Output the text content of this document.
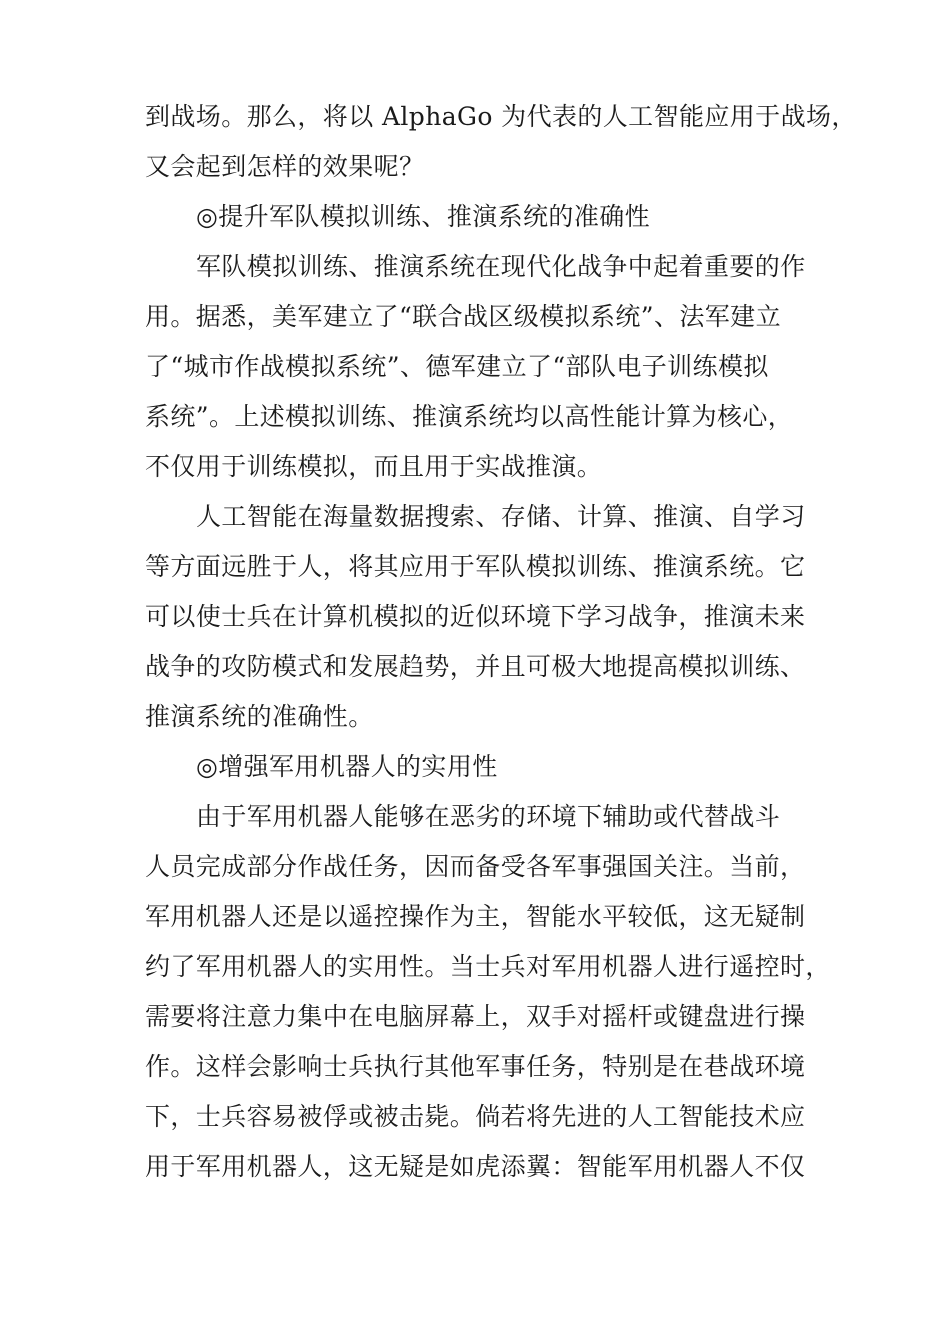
到战场。那么，将以 AlphaGo 为代表的人工智能应用于战场，
又会起到怎样的效果呢？
◎提升军队模拟训练、推演系统的准确性
军队模拟训练、推演系统在现代化战争中起着重要的作
用。据悉，美军建立了“联合战区级模拟系统”、法军建立
了“城市作战模拟系统”、德军建立了“部队电子训练模拟
系统”。上述模拟训练、推演系统均以高性能计算为核心，
不仅用于训练模拟，而且用于实战推演。
人工智能在海量数据搜索、存储、计算、推演、自学习
等方面远胜于人，将其应用于军队模拟训练、推演系统。它
可以使士兵在计算机模拟的近似环境下学习战争，推演未来
战争的攻防模式和发展趋势，并且可极大地提高模拟训练、
推演系统的准确性。
◎增强军用机器人的实用性
由于军用机器人能够在恶劣的环境下辅助或代替战斗
人员完成部分作战任务，因而备受各军事强国关注。当前，
军用机器人还是以遥控操作为主，智能水平较低，这无疑制
约了军用机器人的实用性。当士兵对军用机器人进行遥控时，
需要将注意力集中在电脑屏幕上，双手对摇杆或键盘进行操
作。这样会影响士兵执行其他军事任务，特别是在巷战环境
下，士兵容易被俘或被击毙。倘若将先进的人工智能技术应
用于军用机器人，这无疑是如虎添翼：智能军用机器人不仅
